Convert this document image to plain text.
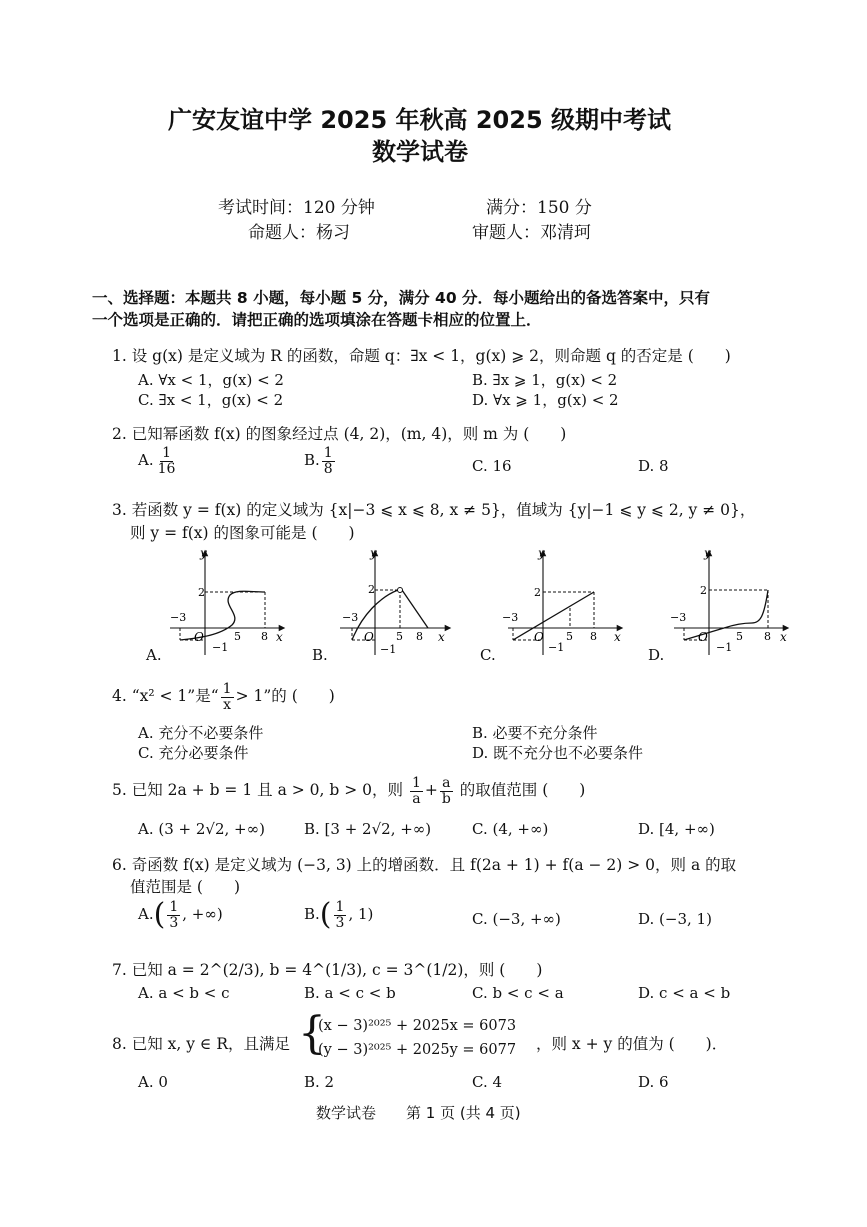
广安友谊中学 2025 年秋高 2025 级期中考试
数学试卷
考试时间：120 分钟	满分：150 分
命题人：杨习	审题人：邓清珂
一、选择题：本题共 8 小题，每小题 5 分，满分 40 分．每小题给出的备选答案中，只有
一个选项是正确的．请把正确的选项填涂在答题卡相应的位置上．
1. 设 g(x) 是定义域为 R 的函数，命题 q：∃x < 1，g(x) ⩾ 2，则命题 q 的否定是 (　　)
A. ∀x < 1，g(x) < 2	B. ∃x ⩾ 1，g(x) < 2
C. ∃x < 1，g(x) < 2	D. ∀x ⩾ 1，g(x) < 2
2. 已知幂函数 f(x) 的图象经过点 (4, 2)，(m, 4)，则 m 为 (　　)
A. $\frac{1}{16}$	B. $\frac{1}{8}$	C. 16	D. 8
3. 若函数 y = f(x) 的定义域为 {x|−3 ⩽ x ⩽ 8, x ≠ 5}，值域为 {y|−1 ⩽ y ⩽ 2, y ≠ 0}，
则 y = f(x) 的图象可能是 (　　)
y
x
O
−3
2
5 8
−1
A.
y
x
O
−3
2
5 8
−1
B.
y
x
O
−3
2
5 8
−1
C.
y
x
O
−3
2
5 8
−1
D.
4. “x² < 1”是“ $\frac{1}{x} > 1$”的 (　　)
A. 充分不必要条件	B. 必要不充分条件
C. 充分必要条件	D. 既不充分也不必要条件
5. 已知 2a + b = 1 且 a > 0, b > 0，则 $\frac{1}{a} + \frac{a}{b}$ 的取值范围 (　　)
A. (3 + 2√2, +∞)	B. [3 + 2√2, +∞)	C. (4, +∞)	D. [4, +∞)
6. 奇函数 f(x) 是定义域为 (−3, 3) 上的增函数．且 f(2a + 1) + f(a − 2) > 0，则 a 的取
值范围是 (　　)
$A.( \frac{1}{3}$ , +∞)	$B.( \frac{1}{3}$ , 1)	C. (−3, +∞)	D. (−3, 1)
7. 已知 a = 2^(2/3), b = 4^(1/3), c = 3^(1/2)，则 (　　)
A. a < b < c	B. a < c < b	C. b < c < a	D. c < a < b
8. 已知 x, y ∈ R，且满足 {
(x − 3)²⁰²⁵ + 2025x = 6073
(y − 3)²⁰²⁵ + 2025y = 6077 ，则 x + y 的值为 (　　)．
A. 0	B. 2	C. 4	D. 6
数学试卷　　第 1 页 (共 4 页)
